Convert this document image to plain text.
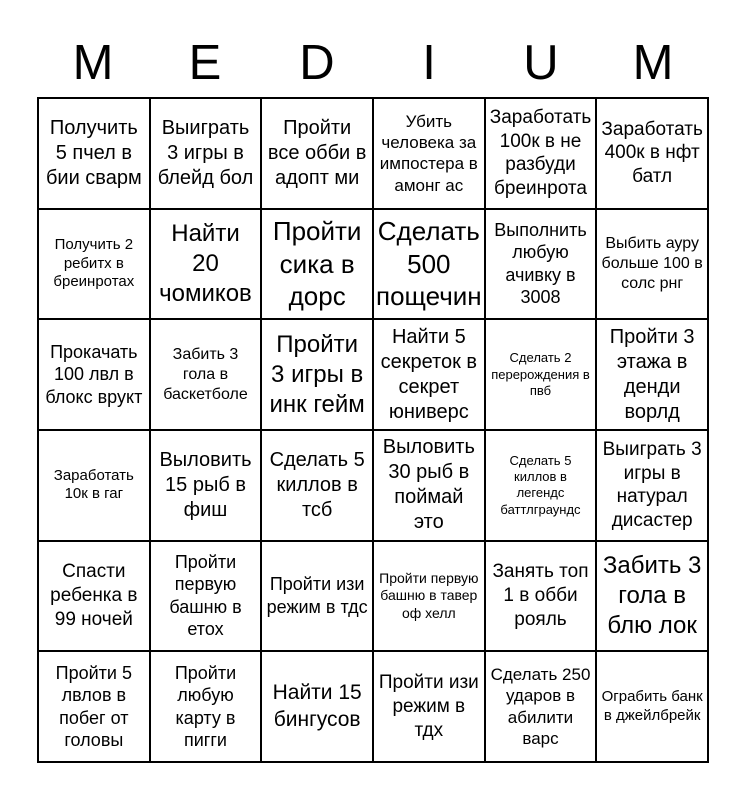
M	E	D	I	U	M
Получить 5 пчел в бии сварм
Выиграть 3 игры в блейд бол
Пройти все обби в адопт ми
Убить человека за импостера в амонг ас
Заработать 100к в не разбуди бреинрота
Заработать 400к в нфт батл
Получить 2 ребитх в бреинротах
Найти 20 чомиков
Пройти сика в дорс
Сделать 500 пощечин
Выполнить любую ачивку в 3008
Выбить ауру больше 100 в солс рнг
Прокачать 100 лвл в блокс врукт
Забить 3 гола в баскетболе
Пройти 3 игры в инк гейм
Найти 5 секреток в секрет юниверс
Сделать 2 перерождения в пвб
Пройти 3 этажа в денди ворлд
Заработать 10к в гаг
Выловить 15 рыб в фиш
Сделать 5 киллов в тсб
Выловить 30 рыб в поймай это
Сделать 5 киллов в легендс баттлграундс
Выиграть 3 игры в натурал дисастер
Спасти ребенка в 99 ночей
Пройти первую башню в етох
Пройти изи режим в тдс
Пройти первую башню в тавер оф хелл
Занять топ 1 в обби рояль
Забить 3 гола в блю лок
Пройти 5 лвлов в побег от головы
Пройти любую карту в пигги
Найти 15 бингусов
Пройти изи режим в тдх
Сделать 250 ударов в абилити варс
Ограбить банк в джейлбрейк
